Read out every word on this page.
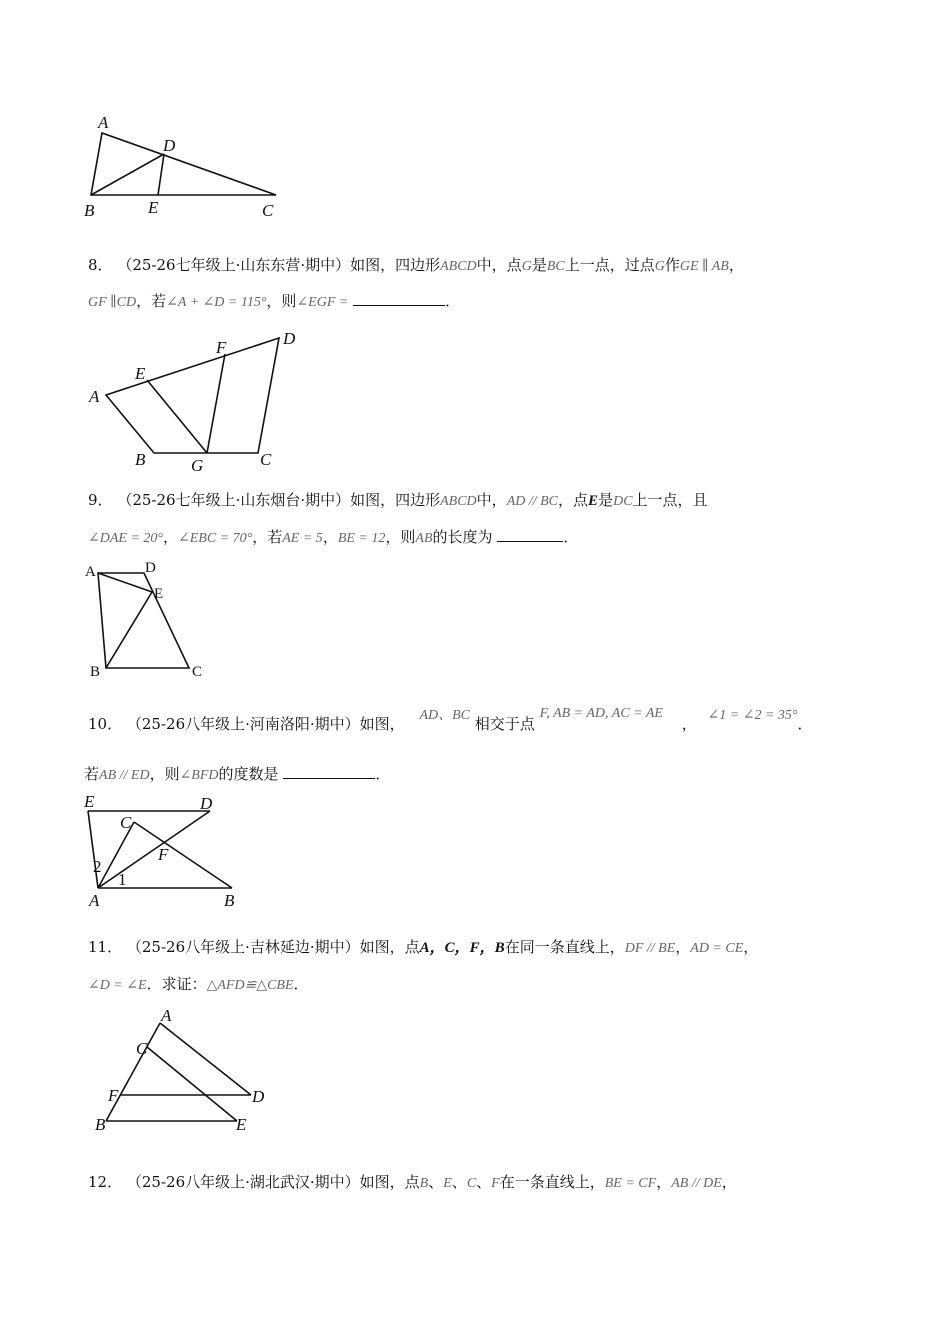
A
D
B	E	C
8． （25-26七年级上·山东东营·期中）如图，四边形ABCD中，点G是BC上一点，过点G作GE ∥ AB，
GF ∥CD，若∠A + ∠D = 115°，则∠EGF =	．
A
E
F	D
B	G	C
9． （25-26七年级上·山东烟台·期中）如图，四边形ABCD中，AD // BC，点E是DC上一点，且
∠DAE = 20°，∠EBC = 70°，若AE = 5，BE = 12，则AB的长度为	．
A	D
E
B	C
10． （25-26八年级上·河南洛阳·期中）如图， AD、BC 相交于点 F, AB = AD, AC = AE ， ∠1 = ∠2 = 35°．
若AB // ED，则∠BFD的度数是	．
E	D
C
F
2
1
A	B
11． （25-26八年级上·吉林延边·期中）如图，点A，C，F，B在同一条直线上，DF // BE，AD = CE，
∠D = ∠E．求证：△AFD≌△CBE．
A
C
F	D
B	E
12． （25-26八年级上·湖北武汉·期中）如图，点B、E、C、F在一条直线上，BE = CF，AB // DE，
